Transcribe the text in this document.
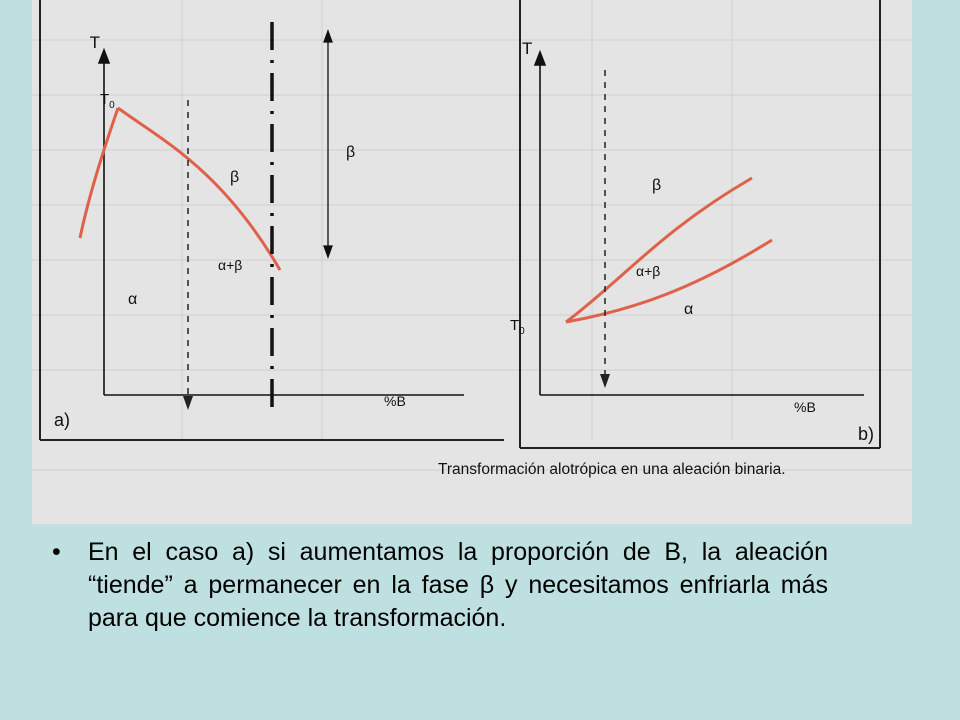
T
$T_0$
β
α+β
α
%B
a)
β
T
$T_0$
β
α+β
α
%B
b)
Transformación alotrópica en una aleación binaria.
• En el caso a) si aumentamos la proporción de B, la aleación “tiende” a permanecer en la fase β y necesitamos enfriarla más para que comience la transformación.
